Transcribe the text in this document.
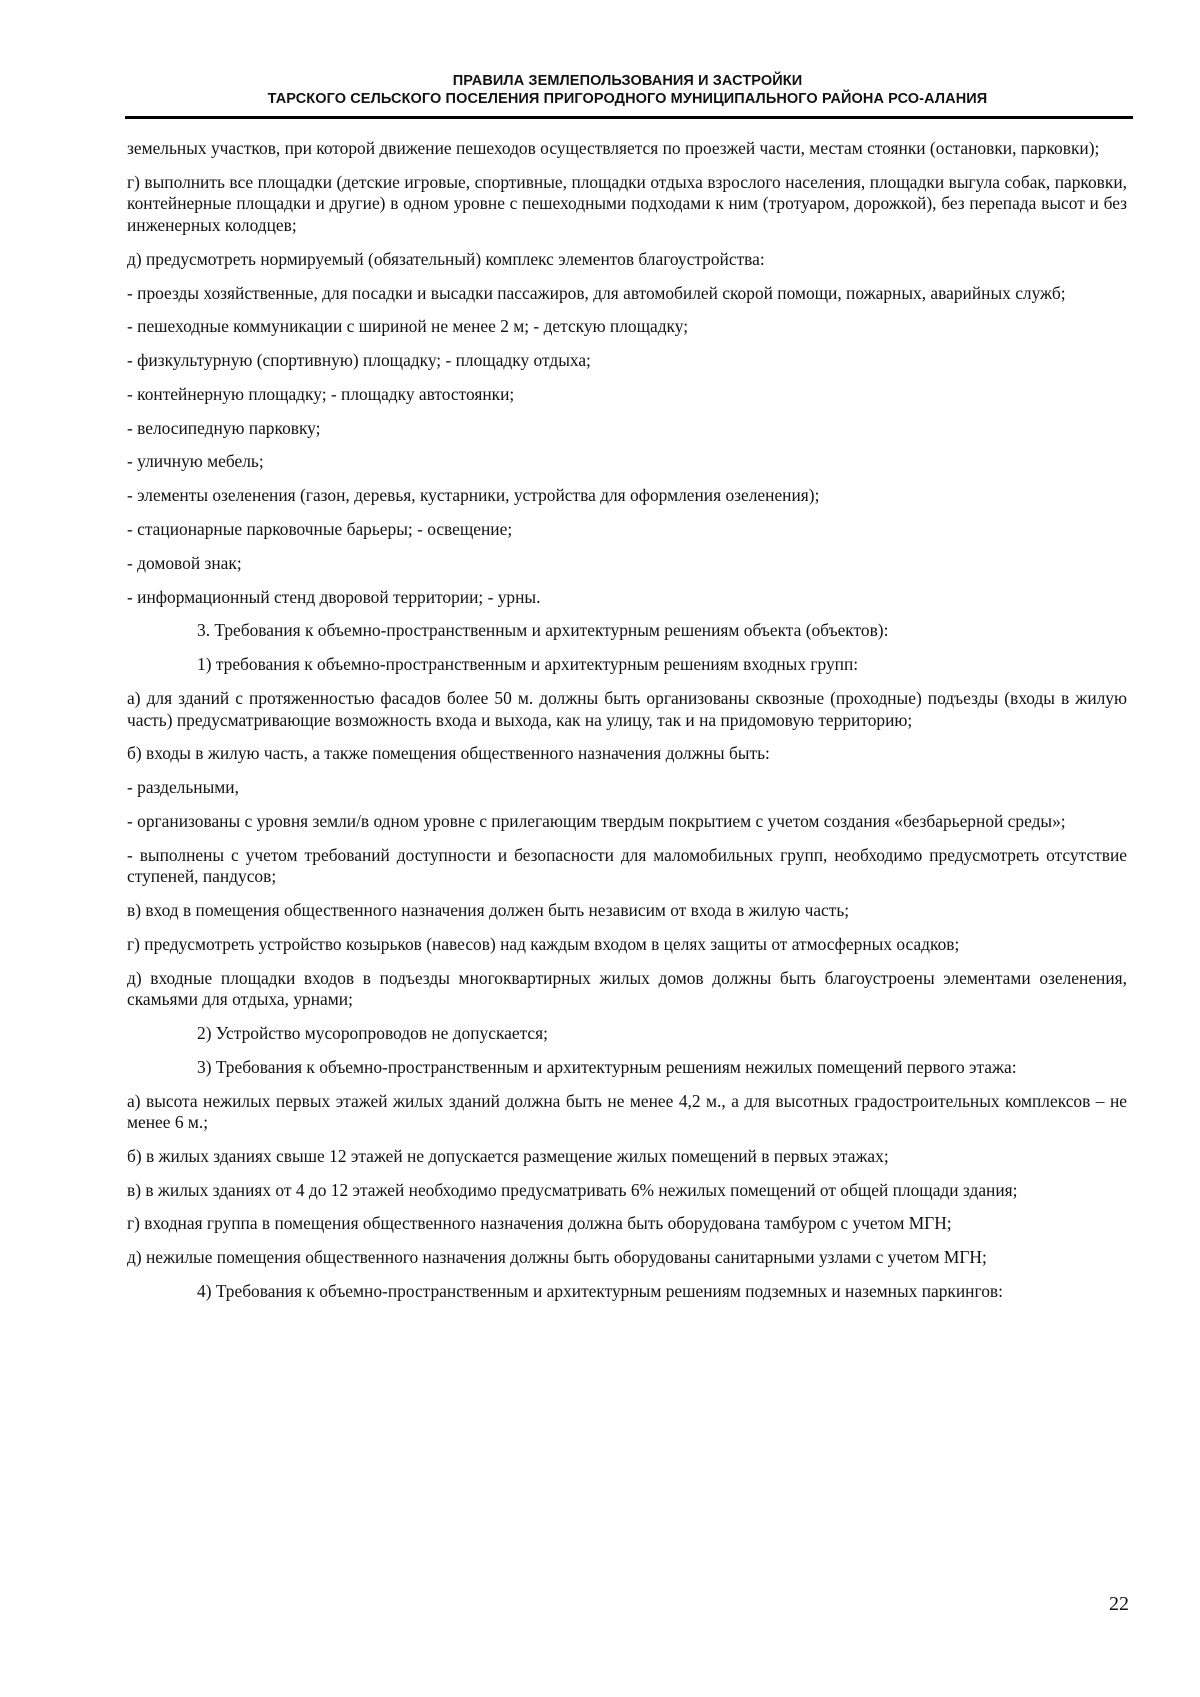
ПРАВИЛА ЗЕМЛЕПОЛЬЗОВАНИЯ И ЗАСТРОЙКИ
ТАРСКОГО СЕЛЬСКОГО ПОСЕЛЕНИЯ ПРИГОРОДНОГО МУНИЦИПАЛЬНОГО РАЙОНА РСО-АЛАНИЯ

земельных участков, при которой движение пешеходов осуществляется по проезжей части, местам стоянки (остановки, парковки);

г) выполнить все площадки (детские игровые, спортивные, площадки отдыха взрослого населения, площадки выгула собак, парковки, контейнерные площадки и другие) в одном уровне с пешеходными подходами к ним (тротуаром, дорожкой), без перепада высот и без инженерных колодцев;

д) предусмотреть нормируемый (обязательный) комплекс элементов благоустройства:

- проезды хозяйственные, для посадки и высадки пассажиров, для автомобилей скорой помощи, пожарных, аварийных служб;

- пешеходные коммуникации с шириной не менее 2 м; - детскую площадку;

- физкультурную (спортивную) площадку; - площадку отдыха;

- контейнерную площадку; - площадку автостоянки;

- велосипедную парковку;

- уличную мебель;

- элементы озеленения (газон, деревья, кустарники, устройства для оформления озеленения);

- стационарные парковочные барьеры; - освещение;

- домовой знак;

- информационный стенд дворовой территории; - урны.

3. Требования к объемно-пространственным и архитектурным решениям объекта (объектов):

1) требования к объемно-пространственным и архитектурным решениям входных групп:

а) для зданий с протяженностью фасадов более 50 м. должны быть организованы сквозные (проходные) подъезды (входы в жилую часть) предусматривающие возможность входа и выхода, как на улицу, так и на придомовую территорию;

б) входы в жилую часть, а также помещения общественного назначения должны быть:

- раздельными,

- организованы с уровня земли/в одном уровне с прилегающим твердым покрытием с учетом создания «безбарьерной среды»;

- выполнены с учетом требований доступности и безопасности для маломобильных групп, необходимо предусмотреть отсутствие ступеней, пандусов;

в) вход в помещения общественного назначения должен быть независим от входа в жилую часть;

г) предусмотреть устройство козырьков (навесов) над каждым входом в целях защиты от атмосферных осадков;

д) входные площадки входов в подъезды многоквартирных жилых домов должны быть благоустроены элементами озеленения, скамьями для отдыха, урнами;

2) Устройство мусоропроводов не допускается;

3) Требования к объемно-пространственным и архитектурным решениям нежилых помещений первого этажа:

а) высота нежилых первых этажей жилых зданий должна быть не менее 4,2 м., а для высотных градостроительных комплексов – не менее 6 м.;

б) в жилых зданиях свыше 12 этажей не допускается размещение жилых помещений в первых этажах;

в) в жилых зданиях от 4 до 12 этажей необходимо предусматривать 6% нежилых помещений от общей площади здания;

г) входная группа в помещения общественного назначения должна быть оборудована тамбуром с учетом МГН;

д) нежилые помещения общественного назначения должны быть оборудованы санитарными узлами с учетом МГН;

4) Требования к объемно-пространственным и архитектурным решениям подземных и наземных паркингов:

22
